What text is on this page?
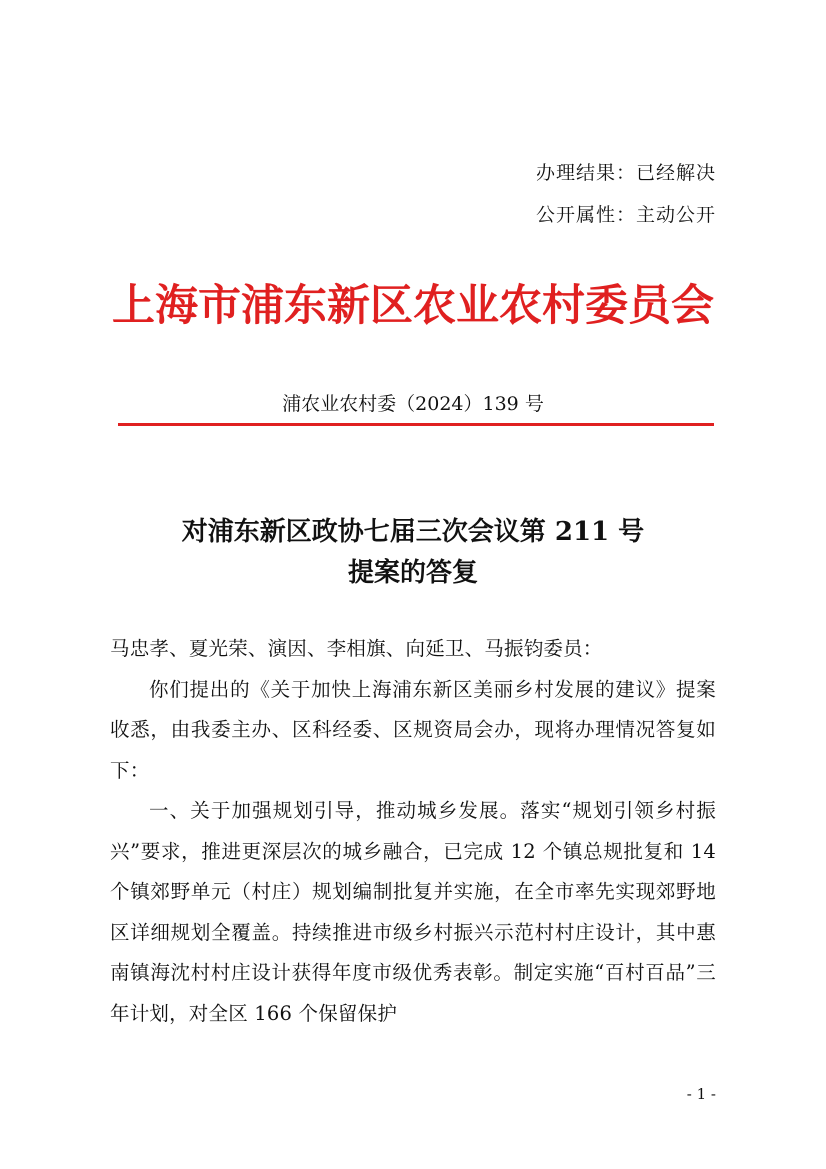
办理结果：已经解决
公开属性：主动公开
上海市浦东新区农业农村委员会
浦农业农村委（2024）139 号
对浦东新区政协七届三次会议第 211 号
提案的答复

马忠孝、夏光荣、演因、李相旗、向延卫、马振钧委员：

你们提出的《关于加快上海浦东新区美丽乡村发展的建议》提案收悉，由我委主办、区科经委、区规资局会办，现将办理情况答复如下：

一、关于加强规划引导，推动城乡发展。落实“规划引领乡村振兴”要求，推进更深层次的城乡融合，已完成 12 个镇总规批复和 14 个镇郊野单元（村庄）规划编制批复并实施，在全市率先实现郊野地区详细规划全覆盖。持续推进市级乡村振兴示范村村庄设计，其中惠南镇海沈村村庄设计获得年度市级优秀表彰。制定实施“百村百品”三年计划，对全区 166 个保留保护

- 1 -
